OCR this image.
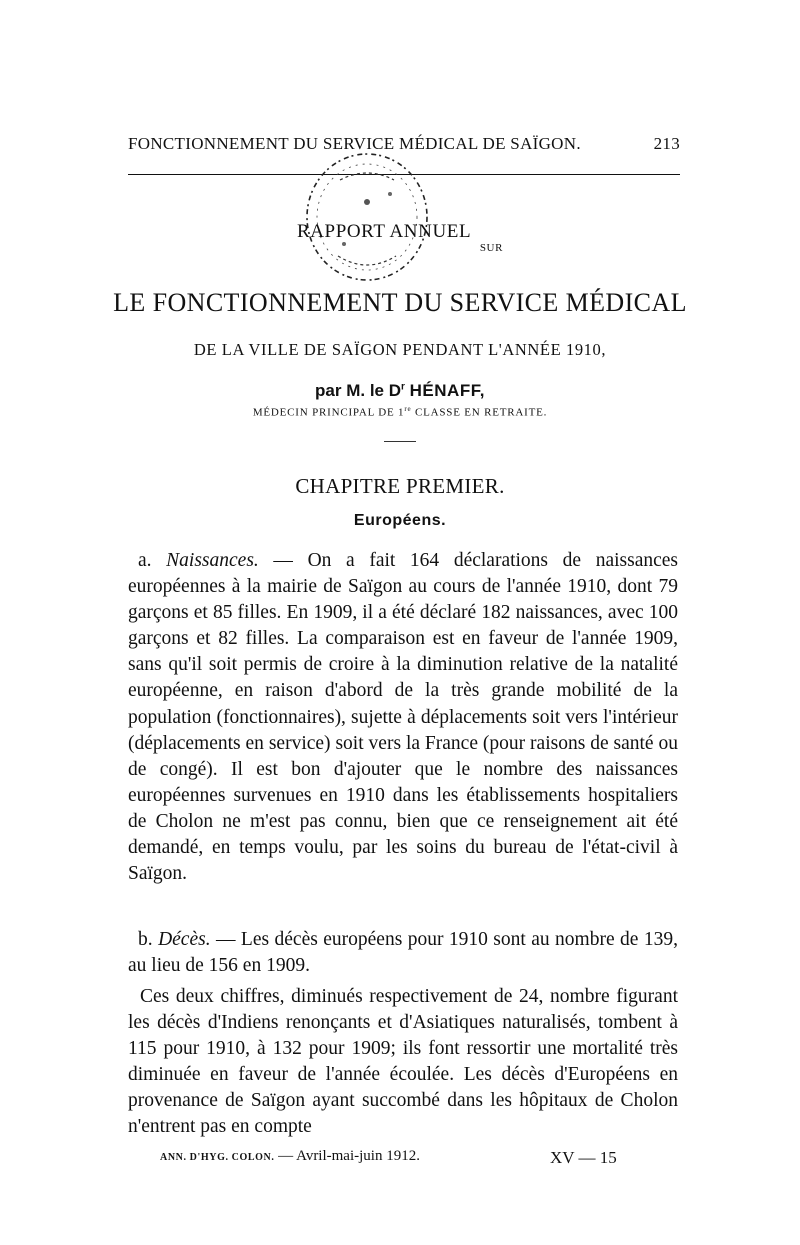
FONCTIONNEMENT DU SERVICE MÉDICAL DE SAÏGON.	213
RAPPORT ANNUEL $_{SUR}$
LE FONCTIONNEMENT DU SERVICE MÉDICAL
DE LA VILLE DE SAÏGON PENDANT L'ANNÉE 1910,
par M. le $D^r$ HÉNAFF,
MÉDECIN PRINCIPAL DE 1re CLASSE EN RETRAITE.
CHAPITRE PREMIER.
Européens.
a. Naissances. — On a fait 164 déclarations de naissances européennes à la mairie de Saïgon au cours de l'année 1910, dont 79 garçons et 85 filles. En 1909, il a été déclaré 182 naissances, avec 100 garçons et 82 filles. La comparaison est en faveur de l'année 1909, sans qu'il soit permis de croire à la diminution relative de la natalité européenne, en raison d'abord de la très grande mobilité de la population (fonctionnaires), sujette à déplacements soit vers l'intérieur (déplacements en service) soit vers la France (pour raisons de santé ou de congé). Il est bon d'ajouter que le nombre des naissances européennes survenues en 1910 dans les établissements hospitaliers de Cholon ne m'est pas connu, bien que ce renseignement ait été demandé, en temps voulu, par les soins du bureau de l'état-civil à Saïgon.
b. Décès. — Les décès européens pour 1910 sont au nombre de 139, au lieu de 156 en 1909.
Ces deux chiffres, diminués respectivement de 24, nombre figurant les décès d'Indiens renonçants et d'Asiatiques naturalisés, tombent à 115 pour 1910, à 132 pour 1909; ils font ressortir une mortalité très diminuée en faveur de l'année écoulée. Les décès d'Européens en provenance de Saïgon ayant succombé dans les hôpitaux de Cholon n'entrent pas en compte
ANN. D'HYG. COLON. — Avril-mai-juin 1912.	XV — 15
